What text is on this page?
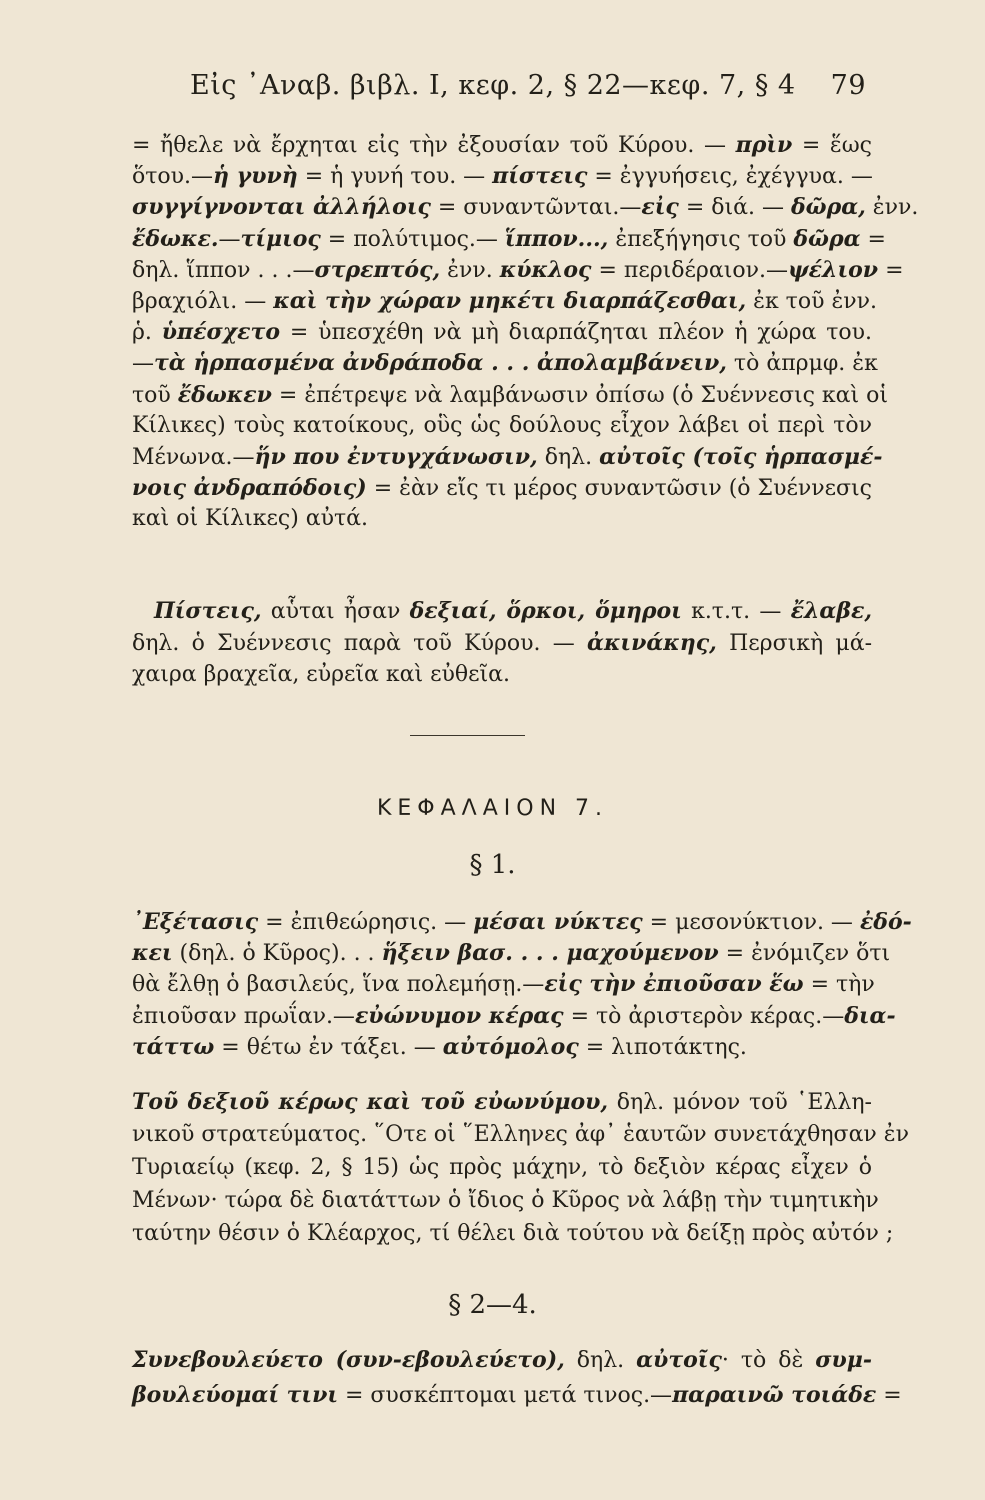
Εἰς ᾿Αναβ. βιβλ. Ι, κεφ. 2, § 22—κεφ. 7, § 4 79
= ἤθελε νὰ ἔρχηται εἰς τὴν ἐξουσίαν τοῦ Κύρου. — πρὶν = ἕως
ὅτου.—ἡ γυνὴ = ἡ γυνή του. — πίστεις = ἐγγυήσεις, ἐχέγγυα. —
συγγίγνονται ἀλλήλοις = συναντῶνται.—εἰς = διά. — δῶρα, ἐνν.
ἔδωκε.—τίμιος = πολύτιμος.— ἵππον..., ἐπεξήγησις τοῦ δῶρα =
δηλ. ἵππον . . .—στρεπτός, ἐνν. κύκλος = περιδέραιον.—ψέλιον =
βραχιόλι. — καὶ τὴν χώραν μηκέτι διαρπάζεσθαι, ἐκ τοῦ ἐνν.
ῥ. ὑπέσχετο = ὑπεσχέθη νὰ μὴ διαρπάζηται πλέον ἡ χώρα του.
—τὰ ἡρπασμένα ἀνδράποδα . . . ἀπολαμβάνειν, τὸ ἀπρμφ. ἐκ
τοῦ ἔδωκεν = ἐπέτρεψε νὰ λαμβάνωσιν ὀπίσω (ὁ Συέννεσις καὶ οἱ
Κίλικες) τοὺς κατοίκους, οὓς ὡς δούλους εἶχον λάβει οἱ περὶ τὸν
Μένωνα.—ἥν που ἐντυγχάνωσιν, δηλ. αὐτοῖς (τοῖς ἡρπασμέ-
νοις ἀνδραπόδοις) = ἐὰν εἴς τι μέρος συναντῶσιν (ὁ Συέννεσις
καὶ οἱ Κίλικες) αὐτά.
Πίστεις, αὗται ἦσαν δεξιαί, ὅρκοι, ὅμηροι κ.τ.τ. — ἔλαβε,
δηλ. ὁ Συέννεσις παρὰ τοῦ Κύρου. — ἀκινάκης, Περσικὴ μά-
χαιρα βραχεῖα, εὐρεῖα καὶ εὐθεῖα.
ΚΕΦΑΛΑΙΟΝ 7.
§ 1.
᾿Εξέτασις = ἐπιθεώρησις. — μέσαι νύκτες = μεσονύκτιον. — ἐδό-
κει (δηλ. ὁ Κῦρος). . . ἥξειν βασ. . . . μαχούμενον = ἐνόμιζεν ὅτι
θὰ ἔλθῃ ὁ βασιλεύς, ἵνα πολεμήσῃ.—εἰς τὴν ἐπιοῦσαν ἕω = τὴν
ἐπιοῦσαν πρωΐαν.—εὐώνυμον κέρας = τὸ ἀριστερὸν κέρας.—δια-
τάττω = θέτω ἐν τάξει. — αὐτόμολος = λιποτάκτης.
Τοῦ δεξιοῦ κέρως καὶ τοῦ εὐωνύμου, δηλ. μόνον τοῦ ῾Ελλη-
νικοῦ στρατεύματος. ῞Οτε οἱ ῞Ελληνες ἀφ᾿ ἑαυτῶν συνετάχθησαν ἐν
Τυριαείῳ (κεφ. 2, § 15) ὡς πρὸς μάχην, τὸ δεξιὸν κέρας εἶχεν ὁ
Μένων· τώρα δὲ διατάττων ὁ ἴδιος ὁ Κῦρος νὰ λάβῃ τὴν τιμητικὴν
ταύτην θέσιν ὁ Κλέαρχος, τί θέλει διὰ τούτου νὰ δείξῃ πρὸς αὐτόν ;
§ 2—4.
Συνεβουλεύετο (συν-εβουλεύετο), δηλ. αὐτοῖς· τὸ δὲ συμ-
βουλεύομαί τινι = συσκέπτομαι μετά τινος.—παραινῶ τοιάδε =
